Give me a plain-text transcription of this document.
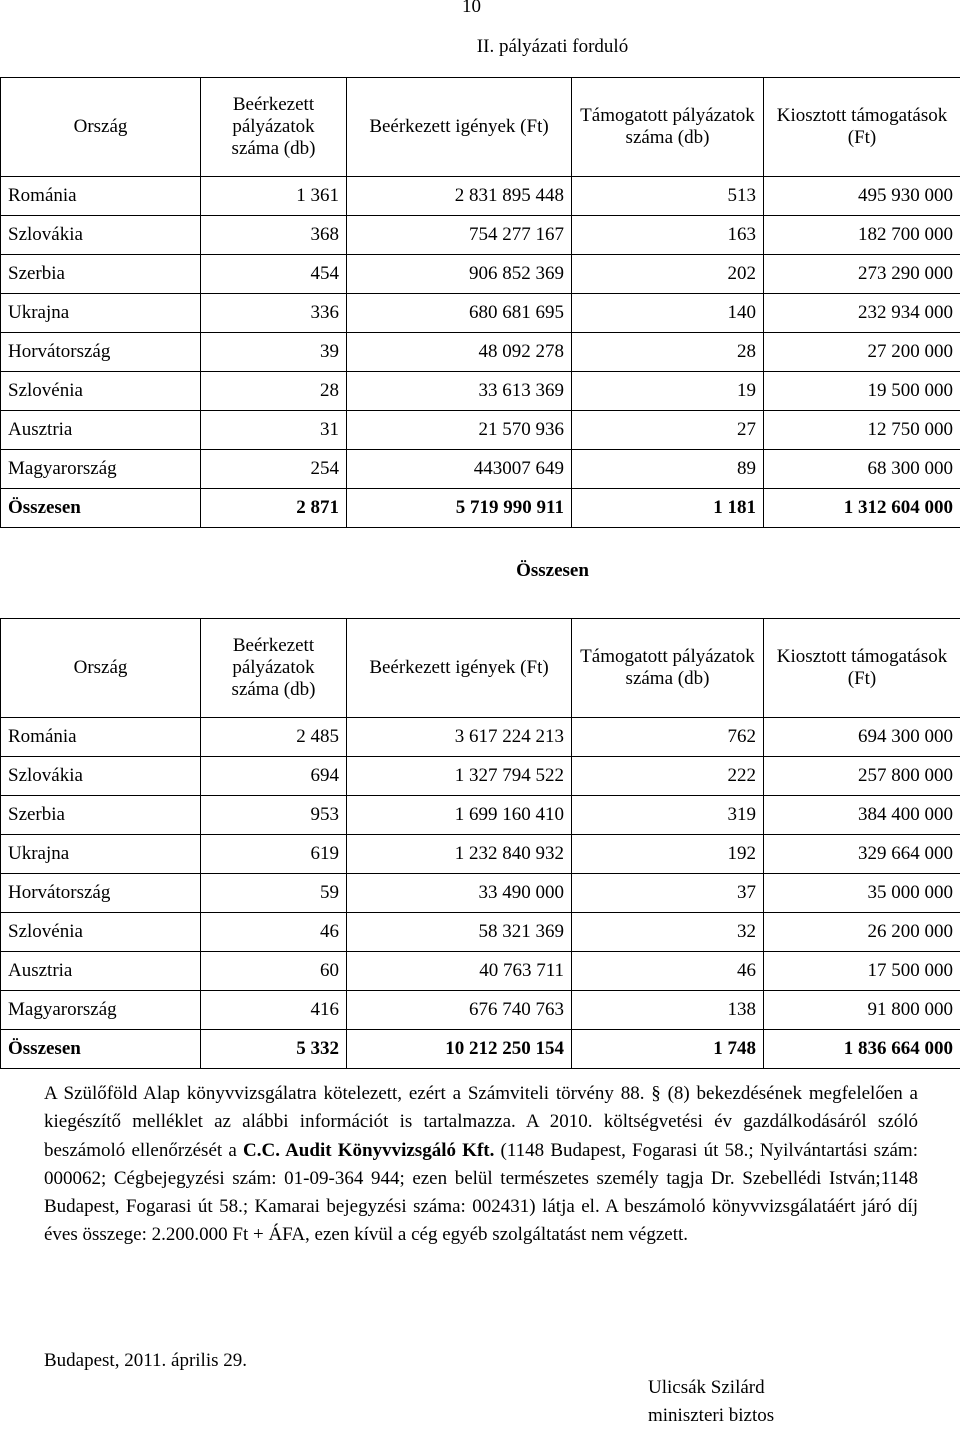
10
II. pályázati forduló

Ország	Beérkezett pályázatok száma (db)	Beérkezett igények (Ft)	Támogatott pályázatok száma (db)	Kiosztott támogatások (Ft)
Románia	1 361	2 831 895 448	513	495 930 000
Szlovákia	368	754 277 167	163	182 700 000
Szerbia	454	906 852 369	202	273 290 000
Ukrajna	336	680 681 695	140	232 934 000
Horvátország	39	48 092 278	28	27 200 000
Szlovénia	28	33 613 369	19	19 500 000
Ausztria	31	21 570 936	27	12 750 000
Magyarország	254	443007 649	89	68 300 000
Összesen	2 871	5 719 990 911	1 181	1 312 604 000
Összesen

Ország	Beérkezett pályázatok száma (db)	Beérkezett igények (Ft)	Támogatott pályázatok száma (db)	Kiosztott támogatások (Ft)
Románia	2 485	3 617 224 213	762	694 300 000
Szlovákia	694	1 327 794 522	222	257 800 000
Szerbia	953	1 699 160 410	319	384 400 000
Ukrajna	619	1 232 840 932	192	329 664 000
Horvátország	59	33 490 000	37	35 000 000
Szlovénia	46	58 321 369	32	26 200 000
Ausztria	60	40 763 711	46	17 500 000
Magyarország	416	676 740 763	138	91 800 000
Összesen	5 332	10 212 250 154	1 748	1 836 664 000
A Szülőföld Alap könyvvizsgálatra kötelezett, ezért a Számviteli törvény 88. § (8) bekezdésének megfelelően a kiegészítő melléklet az alábbi információt is tartalmazza. A 2010. költségvetési év gazdálkodásáról szóló beszámoló ellenőrzését a C.C. Audit Könyvvizsgáló Kft. (1148 Budapest, Fogarasi út 58.; Nyilvántartási szám: 000062; Cégbejegyzési szám: 01-09-364 944; ezen belül természetes személy tagja Dr. Szebellédi István;1148 Budapest, Fogarasi út 58.; Kamarai bejegyzési száma: 002431) látja el. A beszámoló könyvvizsgálatáért járó díj éves összege: 2.200.000 Ft + ÁFA, ezen kívül a cég egyéb szolgáltatást nem végzett.
Budapest, 2011. április 29.
Ulicsák Szilárd
miniszteri biztos
